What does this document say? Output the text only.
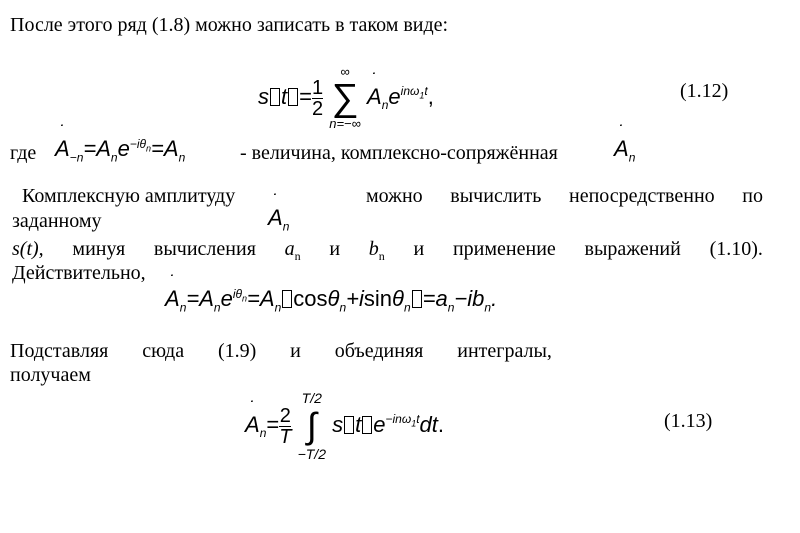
После этого ряд (1.8) можно записать в таком виде:
s $t = \frac{1}{2}$

∞
∑
n=−∞
˙ $A_ne^{in\omega_1t}$,	(1.12)
где ˙ $A_{-n}=A_ne^{-i\theta_n}=A_n$	- величина, комплексно-сопряжённая	˙ $A_n$
Комплексную амплитуду	можно вычислить непосредственно по
˙ $A_n$
заданному
s(t), минуя вычисления $a_n$ и $b_n$ и применение выражений (1.10).
Действительно,
˙ $A_n=A_ne^{i\theta_n}=A_n$ $\cos\theta_n+isin\theta_n =a_n-ib_n$.
Подставляя сюда (1.9) и объединяя интегралы,
получаем
˙ $A_n= \frac{2}{T}$

T/2
∫
−T/2
s t $e^{-in\omega_1t}dt$.	(1.13)
